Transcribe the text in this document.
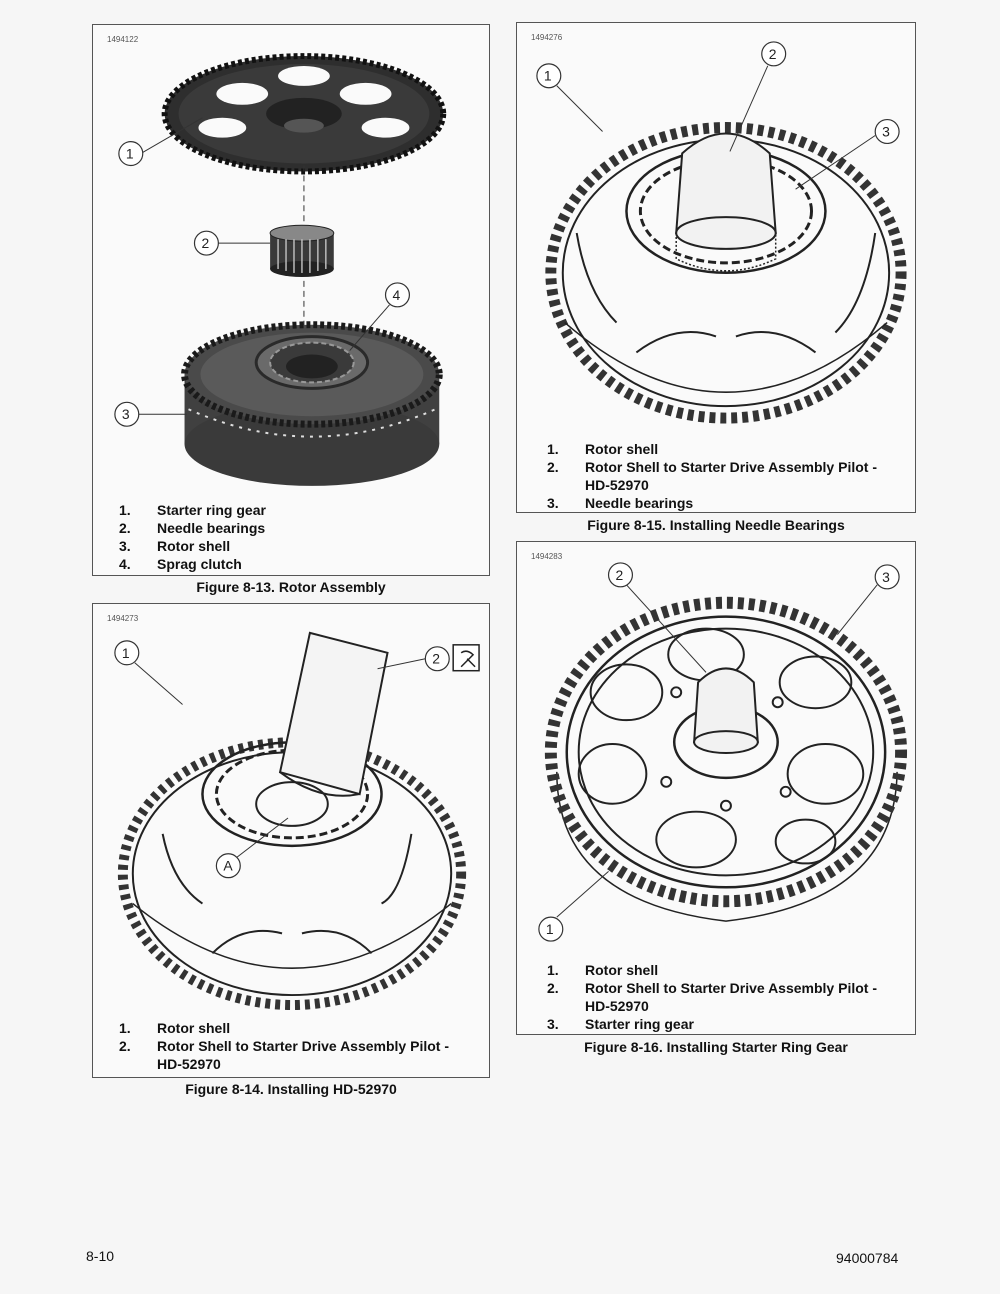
1494122
1
2
3
4
1.	Starter ring gear
2.	Needle bearings
3.	Rotor shell
4.	Sprag clutch
Figure 8-13. Rotor Assembly
1494273
1	2
A
1.	Rotor shell
2.	Rotor Shell to Starter Drive Assembly Pilot -
HD-52970
Figure 8-14. Installing HD-52970
1494276
1
2
3
1.	Rotor shell
2.	Rotor Shell to Starter Drive Assembly Pilot -
HD-52970
3.	Needle bearings
Figure 8-15. Installing Needle Bearings
1494283
1
2	3
1.	Rotor shell
2.	Rotor Shell to Starter Drive Assembly Pilot -
HD-52970
3.	Starter ring gear
Figure 8-16. Installing Starter Ring Gear
8-10	94000784
